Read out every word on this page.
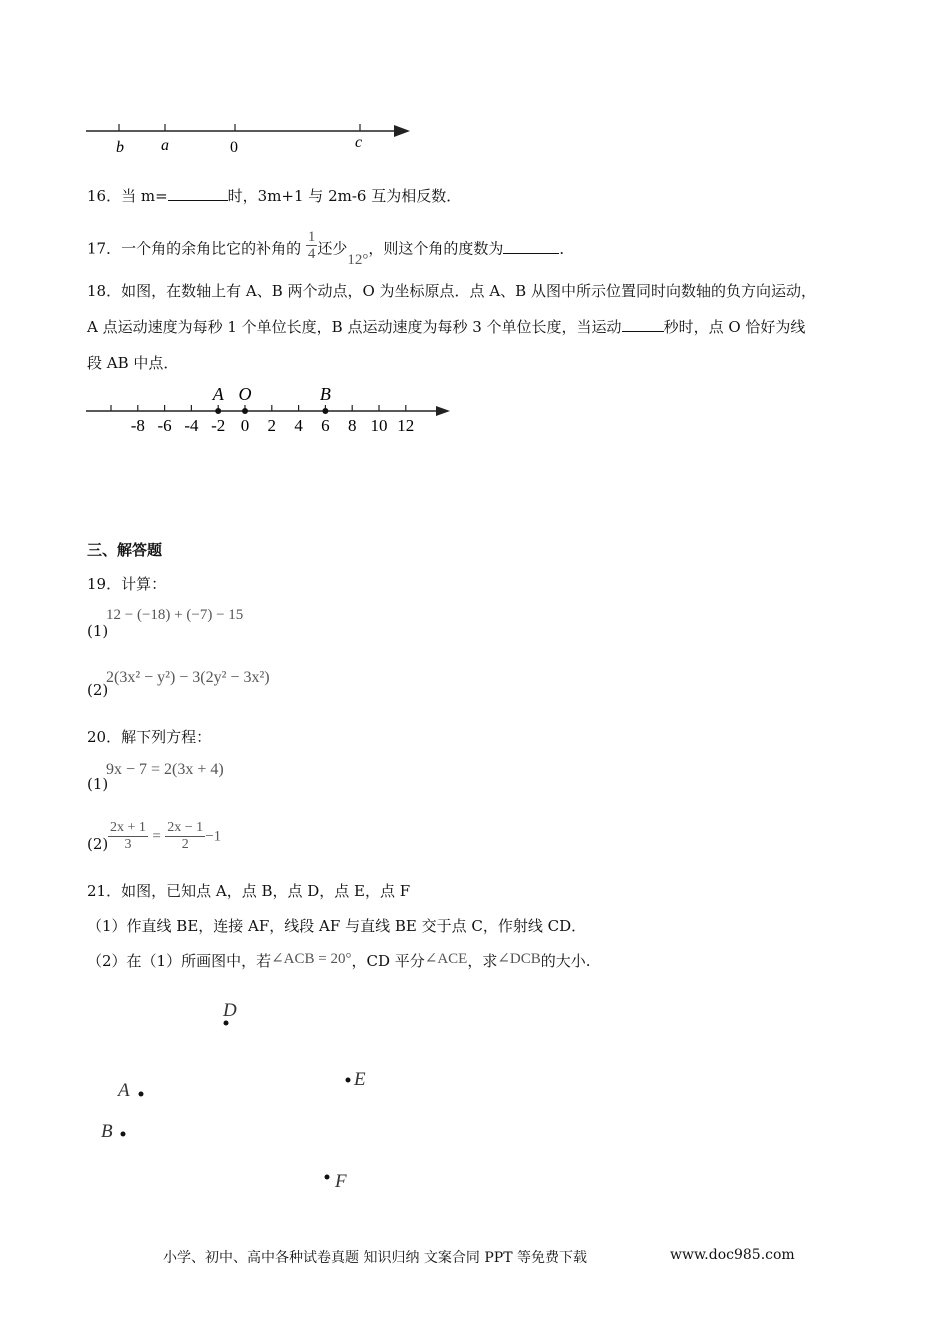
b a	0	c
16．当 m=	时，3m+1 与 2m-6 互为相反数．
17．一个角的余角比它的补角的 $\frac{1}{4}$ 还少12°，则这个角的度数为	．
18．如图，在数轴上有 A、B 两个动点，O 为坐标原点．点 A、B 从图中所示位置同时向数轴的负方向运动，
A 点运动速度为每秒 1 个单位长度，B 点运动速度为每秒 3 个单位长度，当运动	秒时，点 O 恰好为线
段 AB 中点．
-8 -6 -4 -2 0 2 4 6 8 10 12
A O	B
三、解答题
19．计算：
(1)
12 − (−18) + (−7) − 15
(2)
2(3x² − y²) − 3(2y² − 3x²)
20．解下列方程：
(1)
9x − 7 = 2(3x + 4)
$(2) \frac{2x + 1}{3} = \frac{2x - 1}{2} -1$
21．如图，已知点 A，点 B，点 D，点 E，点 F
（1）作直线 BE，连接 AF，线段 AF 与直线 BE 交于点 C，作射线 CD．
（2）在（1）所画图中，若∠ACB = 20°，CD 平分∠ACE，求∠DCB的大小.
D
E
A
B
F
小学、初中、高中各种试卷真题 知识归纳 文案合同 PPT 等免费下载	www.doc985.com
